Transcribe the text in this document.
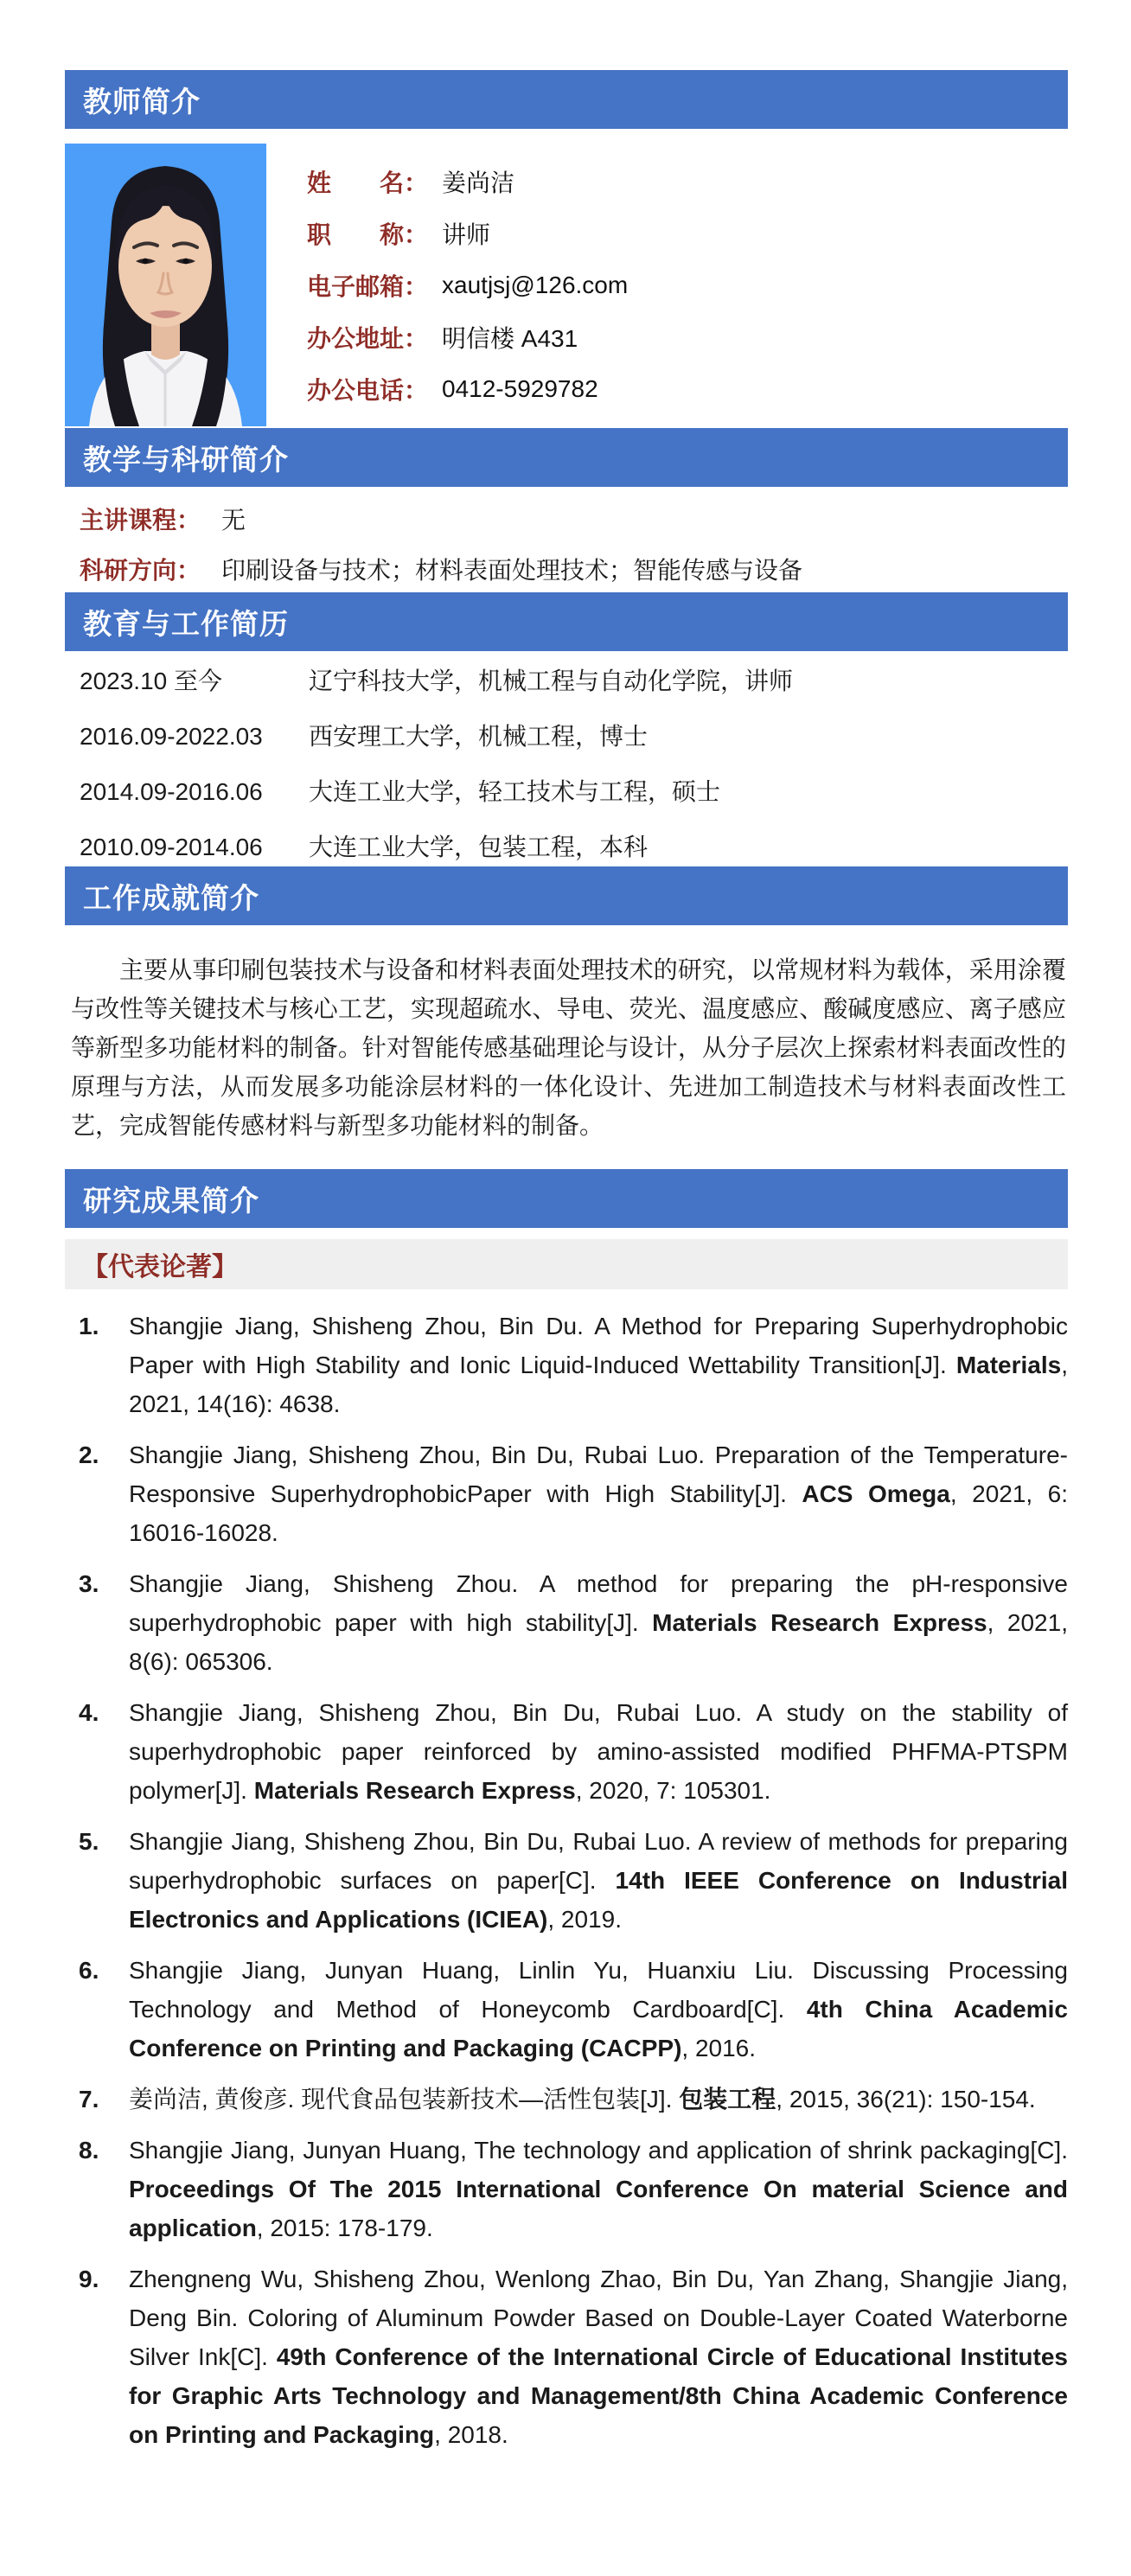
教师简介
姓　　名： 姜尚洁
职　　称： 讲师
电子邮箱： xautjsj@126.com
办公地址： 明信楼 A431
办公电话： 0412-5929782
教学与科研简介
主讲课程： 无
科研方向： 印刷设备与技术；材料表面处理技术；智能传感与设备
教育与工作简历
2023.10 至今	辽宁科技大学，机械工程与自动化学院，讲师
2016.09-2022.03	西安理工大学，机械工程，博士
2014.09-2016.06	大连工业大学，轻工技术与工程，硕士
2010.09-2014.06	大连工业大学，包装工程，本科
工作成就简介

主要从事印刷包装技术与设备和材料表面处理技术的研究，以常规材料为载体，采用涂覆与改性等关键技术与核心工艺，实现超疏水、导电、荧光、温度感应、酸碱度感应、离子感应等新型多功能材料的制备。针对智能传感基础理论与设计，从分子层次上探索材料表面改性的原理与方法，从而发展多功能涂层材料的一体化设计、先进加工制造技术与材料表面改性工艺，完成智能传感材料与新型多功能材料的制备。

研究成果简介
【代表论著】
1.	Shangjie Jiang, Shisheng Zhou, Bin Du. A Method for Preparing Superhydrophobic Paper with High Stability and Ionic Liquid-Induced Wettability Transition[J]. Materials, 2021, 14(16): 4638.
2.	Shangjie Jiang, Shisheng Zhou, Bin Du, Rubai Luo. Preparation of the Temperature-Responsive SuperhydrophobicPaper with High Stability[J]. ACS Omega, 2021, 6: 16016-16028.
3.	Shangjie Jiang, Shisheng Zhou. A method for preparing the pH-responsive superhydrophobic paper with high stability[J]. Materials Research Express, 2021, 8(6): 065306.
4.	Shangjie Jiang, Shisheng Zhou, Bin Du, Rubai Luo. A study on the stability of superhydrophobic paper reinforced by amino-assisted modified PHFMA-PTSPM polymer[J]. Materials Research Express, 2020, 7: 105301.
5.	Shangjie Jiang, Shisheng Zhou, Bin Du, Rubai Luo. A review of methods for preparing superhydrophobic surfaces on paper[C]. 14th IEEE Conference on Industrial Electronics and Applications (ICIEA), 2019.
6.	Shangjie Jiang, Junyan Huang, Linlin Yu, Huanxiu Liu. Discussing Processing Technology and Method of Honeycomb Cardboard[C]. 4th China Academic Conference on Printing and Packaging (CACPP), 2016.
7.	姜尚洁, 黄俊彦. 现代食品包装新技术—活性包装[J]. 包装工程, 2015, 36(21): 150-154.
8.	Shangjie Jiang, Junyan Huang, The technology and application of shrink packaging[C]. Proceedings Of The 2015 International Conference On material Science and application, 2015: 178-179.
9.	Zhengneng Wu, Shisheng Zhou, Wenlong Zhao, Bin Du, Yan Zhang, Shangjie Jiang, Deng Bin. Coloring of Aluminum Powder Based on Double-Layer Coated Waterborne Silver Ink[C]. 49th Conference of the International Circle of Educational Institutes for Graphic Arts Technology and Management/8th China Academic Conference on Printing and Packaging, 2018.
